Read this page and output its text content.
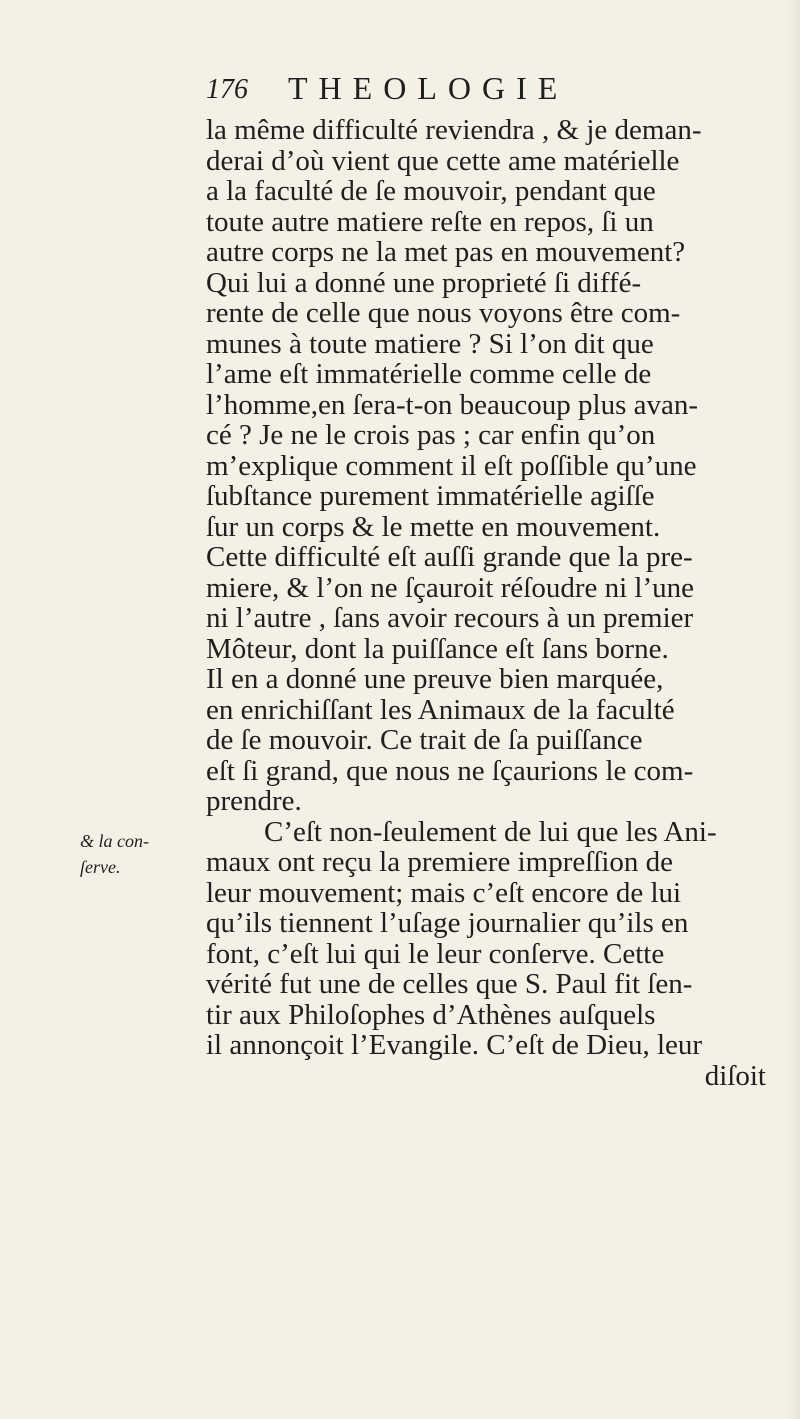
176 THEOLOGIE
& la con-
ſerve.
la même difficulté reviendra , & je deman-
derai d’où vient que cette ame matérielle
a la faculté de ſe mouvoir, pendant que
toute autre matiere reſte en repos, ſi un
autre corps ne la met pas en mouvement?
Qui lui a donné une proprieté ſi diffé-
rente de celle que nous voyons être com-
munes à toute matiere ? Si l’on dit que
l’ame eſt immatérielle comme celle de
l’homme,en ſera-t-on beaucoup plus avan-
cé ? Je ne le crois pas ; car enfin qu’on
m’explique comment il eſt poſſible qu’une
ſubſtance purement immatérielle agiſſe
ſur un corps & le mette en mouvement.
Cette difficulté eſt auſſi grande que la pre-
miere, & l’on ne ſçauroit réſoudre ni l’une
ni l’autre , ſans avoir recours à un premier
Môteur, dont la puiſſance eſt ſans borne.
Il en a donné une preuve bien marquée,
en enrichiſſant les Animaux de la faculté
de ſe mouvoir. Ce trait de ſa puiſſance
eſt ſi grand, que nous ne ſçaurions le com-
prendre.
C’eſt non-ſeulement de lui que les Ani-
maux ont reçu la premiere impreſſion de
leur mouvement; mais c’eſt encore de lui
qu’ils tiennent l’uſage journalier qu’ils en
font, c’eſt lui qui le leur conſerve. Cette
vérité fut une de celles que S. Paul fit ſen-
tir aux Philoſophes d’Athènes auſquels
il annonçoit l’Evangile. C’eſt de Dieu, leur
diſoit
